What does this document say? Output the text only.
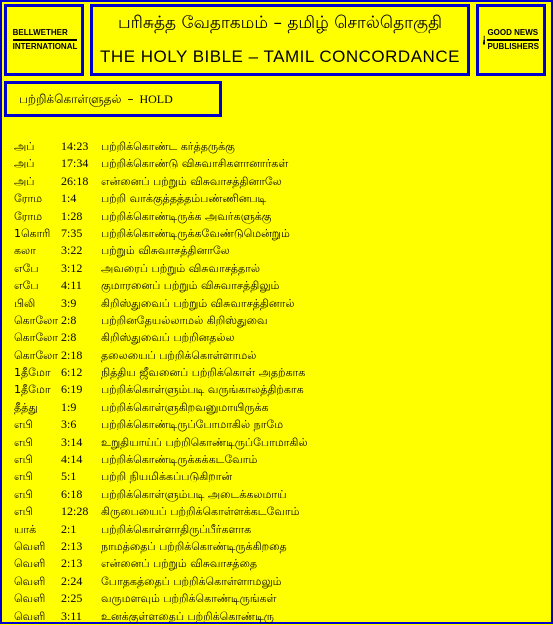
BELLWETHER
INTERNATIONAL
பரிசுத்த வேதாகமம் – தமிழ் சொல்தொகுதி
THE HOLY BIBLE – TAMIL CONCORDANCE
GOOD NEWS
PUBLISHERS
பற்றிக்கொள்ளுதல் – HOLD
அப் 14:23 பற்றிக்கொண்ட கர்த்தருக்கு
அப் 17:34 பற்றிக்கொண்டு விசுவாசிகளானார்கள்
அப் 26:18 என்னைப் பற்றும் விசுவாசத்தினாலே
ரோம 1:4 பற்றி வாக்குத்தத்தம்பண்ணினபடி
ரோம 1:28 பற்றிக்கொண்டிருக்க அவர்களுக்கு
1கொரி 7:35 பற்றிக்கொண்டிருக்கவேண்டுமென்றும்
கலா 3:22 பற்றும் விசுவாசத்தினாலே
எபே 3:12 அவரைப் பற்றும் விசுவாசத்தால்
எபே 4:11 குமாரனைப் பற்றும் விசுவாசத்திலும்
பிலி 3:9 கிறிஸ்துவைப் பற்றும் விசுவாசத்தினால்
கொலோ 2:8 பற்றினதேயல்லாமல் கிறிஸ்துவை
கொலோ 2:8 கிறிஸ்துவைப் பற்றினதல்ல
கொலோ 2:18 தலையைப் பற்றிக்கொள்ளாமல்
1தீமோ 6:12 நித்திய ஜீவனைப் பற்றிக்கொள் அதற்காக
1தீமோ 6:19 பற்றிக்கொள்ளும்படி வருங்காலத்திற்காக
தீத்து 1:9 பற்றிக்கொள்ளுகிறவனுமாயிருக்க
எபி 3:6 பற்றிக்கொண்டிருப்போமாகில் நாமே
எபி 3:14 உறுதியாய்ப் பற்றிகொண்டிருப்போமாகில்
எபி 4:14 பற்றிக்கொண்டிருக்கக்கடவோம்
எபி 5:1 பற்றி நியமிக்கப்படுகிறான்
எபி 6:18 பற்றிக்கொள்ளும்படி அடைக்கலமாய்
எபி 12:28 கிருபையைப் பற்றிக்கொள்ளக்கடவோம்
யாக் 2:1 பற்றிக்கொள்ளாதிருப்பீர்களாக
வெளி 2:13 நாமத்தைப் பற்றிக்கொண்டிருக்கிறதை
வெளி 2:13 என்னைப் பற்றும் விசுவாசத்தை
வெளி 2:24 போதகத்தைப் பற்றிக்கொள்ளாமலும்
வெளி 2:25 வருமளவும் பற்றிக்கொண்டிருங்கள்
வெளி 3:11 உனக்குள்ளதைப் பற்றிக்கொண்டிரு
